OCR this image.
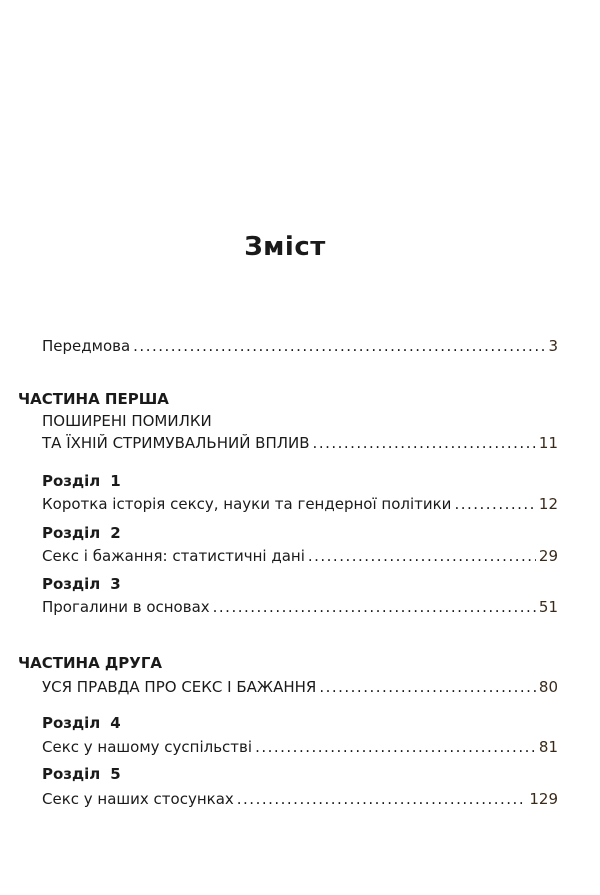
Зміст
Передмова .....	3
ЧАСТИНА ПЕРША
ПОШИРЕНІ ПОМИЛКИ
ТА ЇХНІЙ СТРИМУВАЛЬНИЙ ВПЛИВ .....	11
Розділ 1
Коротка історія сексу, науки та гендерної політики .....	12
Розділ 2
Секс і бажання: статистичні дані .....	29
Розділ 3
Прогалини в основах .....	51
ЧАСТИНА ДРУГА
УСЯ ПРАВДА ПРО СЕКС І БАЖАННЯ .....	80
Розділ 4
Секс у нашому суспільстві .....	81
Розділ 5
Секс у наших стосунках .....	129
